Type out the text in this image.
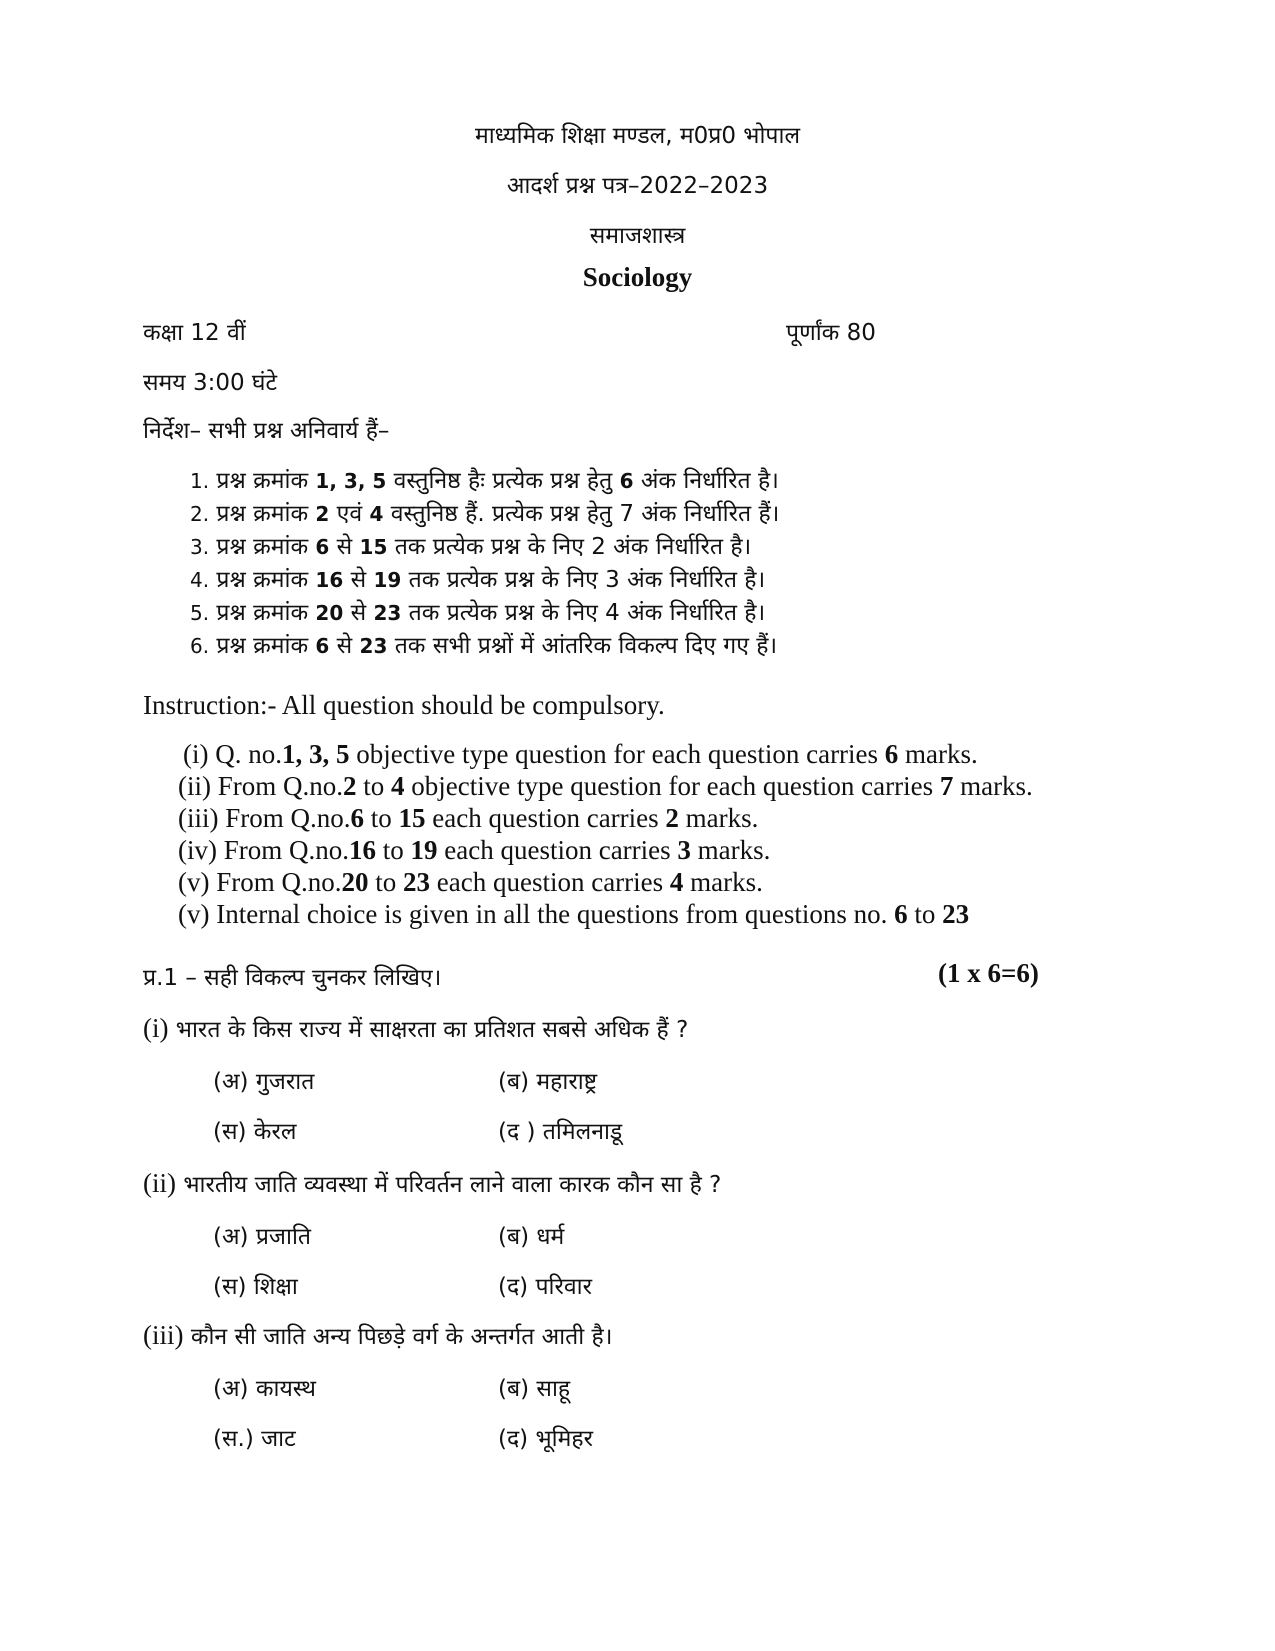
माध्यमिक शिक्षा मण्डल, म0प्र0 भोपाल
आदर्श प्रश्न पत्र–2022–2023
समाजशास्त्र
Sociology
कक्षा 12 वीं	पूर्णांक 80
समय 3:00 घंटे
निर्देश– सभी प्रश्न अनिवार्य हैं–
1. प्रश्न क्रमांक 1, 3, 5 वस्तुनिष्ठ हैः प्रत्येक प्रश्न हेतु 6 अंक निर्धारित है।
2. प्रश्न क्रमांक 2 एवं 4 वस्तुनिष्ठ हैं. प्रत्येक प्रश्न हेतु 7 अंक निर्धारित हैं।
3. प्रश्न क्रमांक 6 से 15 तक प्रत्येक प्रश्न के निए 2 अंक निर्धारित है।
4. प्रश्न क्रमांक 16 से 19 तक प्रत्येक प्रश्न के निए 3 अंक निर्धारित है।
5. प्रश्न क्रमांक 20 से 23 तक प्रत्येक प्रश्न के निए 4 अंक निर्धारित है।
6. प्रश्न क्रमांक 6 से 23 तक सभी प्रश्नों में आंतरिक विकल्प दिए गए हैं।
Instruction:- All question should be compulsory.
(i) Q. no.1, 3, 5 objective type question for each question carries 6 marks.
(ii) From Q.no.2 to 4 objective type question for each question carries 7 marks.
(iii) From Q.no.6 to 15 each question carries 2 marks.
(iv) From Q.no.16 to 19 each question carries 3 marks.
(v) From Q.no.20 to 23 each question carries 4 marks.
(v) Internal choice is given in all the questions from questions no. 6 to 23
प्र.1 – सही विकल्प चुनकर लिखिए।	(1 x 6=6)
(i) भारत के किस राज्य में साक्षरता का प्रतिशत सबसे अधिक हैं ?
(अ) गुजरात	(ब) महाराष्ट्र
(स) केरल	(द ) तमिलनाडू
(ii) भारतीय जाति व्यवस्था में परिवर्तन लाने वाला कारक कौन सा है ?
(अ) प्रजाति	(ब) धर्म
(स) शिक्षा	(द) परिवार
(iii) कौन सी जाति अन्य पिछड़े वर्ग के अन्तर्गत आती है।
(अ) कायस्थ	(ब) साहू
(स.) जाट	(द) भूमिहर
